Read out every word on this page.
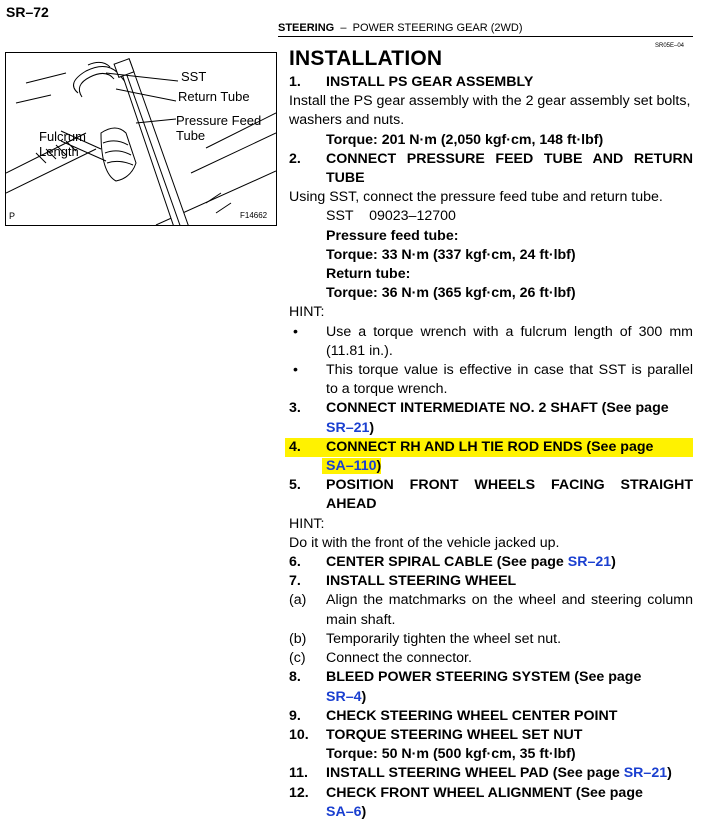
SR–72
STEERING – POWER STEERING GEAR (2WD)
SR05E–04
SST
Return Tube
Pressure Feed
Tube
Fulcrum
Length
P	F14662
INSTALLATION
1.	INSTALL PS GEAR ASSEMBLY
Install the PS gear assembly with the 2 gear assembly set bolts, washers and nuts.
Torque: 201 N·m (2,050 kgf·cm, 148 ft·lbf)
2.	CONNECT PRESSURE FEED TUBE AND RETURN
TUBE
Using SST, connect the pressure feed tube and return tube.
SST    09023–12700
Pressure feed tube:
Torque: 33 N·m (337 kgf·cm, 24 ft·lbf)
Return tube:
Torque: 36 N·m (365 kgf·cm, 26 ft·lbf)
HINT:
•	Use a torque wrench with a fulcrum length of 300 mm
(11.81 in.).
•	This torque value is effective in case that SST is parallel
to a torque wrench.
3.	CONNECT INTERMEDIATE NO. 2 SHAFT (See page
SR–21)
4.	CONNECT RH AND LH TIE ROD ENDS (See page
SA–110)
5.	POSITION FRONT WHEELS FACING STRAIGHT
AHEAD
HINT:
Do it with the front of the vehicle jacked up.
6.	CENTER SPIRAL CABLE (See page SR–21)
7.	INSTALL STEERING WHEEL
(a)	Align the matchmarks on the wheel and steering column
main shaft.
(b)	Temporarily tighten the wheel set nut.
(c)	Connect the connector.
8.	BLEED POWER STEERING SYSTEM (See page
SR–4)
9.	CHECK STEERING WHEEL CENTER POINT
10.	TORQUE STEERING WHEEL SET NUT
Torque: 50 N·m (500 kgf·cm, 35 ft·lbf)
11.	INSTALL STEERING WHEEL PAD (See page SR–21)
12.	CHECK FRONT WHEEL ALIGNMENT (See page
SA–6)
